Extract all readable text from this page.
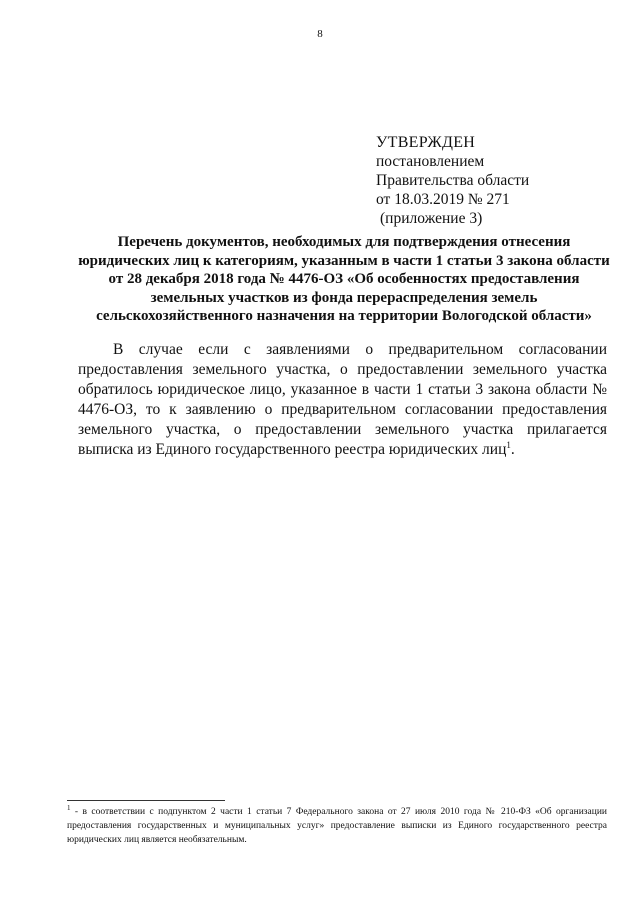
8
УТВЕРЖДЕН
постановлением
Правительства области
от 18.03.2019 № 271
(приложение 3)
Перечень документов, необходимых для подтверждения отнесения юридических лиц к категориям, указанным в части 1 статьи 3 закона области от 28 декабря 2018 года № 4476-ОЗ «Об особенностях предоставления земельных участков из фонда перераспределения земель сельскохозяйственного назначения на территории Вологодской области»

В случае если с заявлениями о предварительном согласовании предоставления земельного участка, о предоставлении земельного участка обратилось юридическое лицо, указанное в части 1 статьи 3 закона области № 4476-ОЗ, то к заявлению о предварительном согласовании предоставления земельного участка, о предоставлении земельного участка прилагается выписка из Единого государственного реестра юридических лиц$^1$.

$^1$ - в соответствии с подпунктом 2 части 1 статьи 7 Федерального закона от 27 июля 2010 года № 210-ФЗ «Об организации предоставления государственных и муниципальных услуг» предоставление выписки из Единого государственного реестра юридических лиц является необязательным.
